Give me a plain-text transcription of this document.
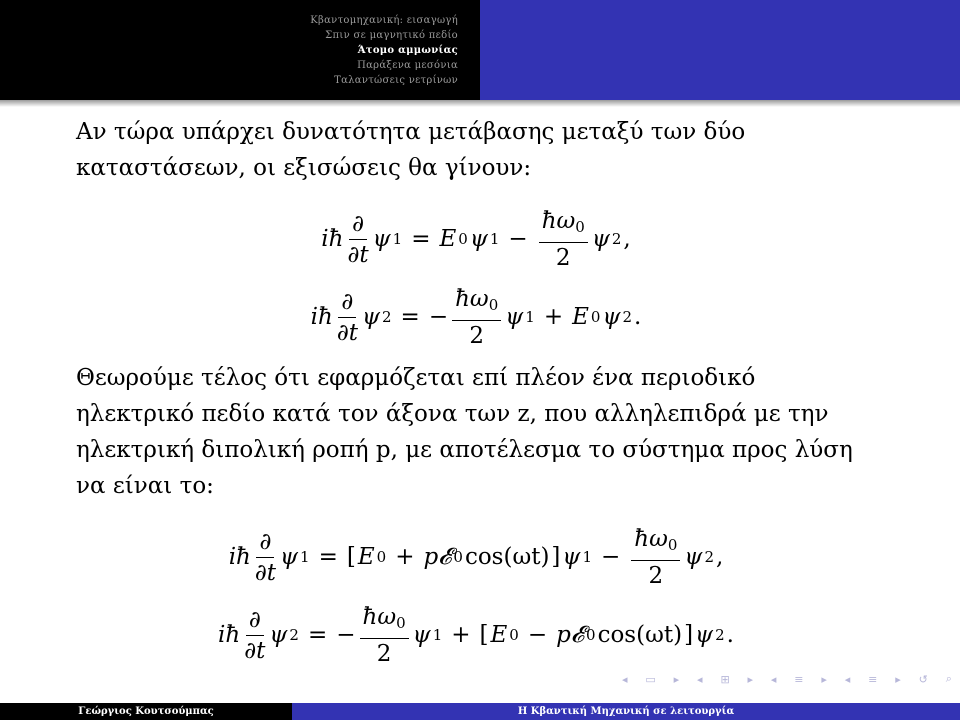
Κβαντομηχανική: εισαγωγή
Σπιν σε μαγνητικό πεδίο
Άτομο αμμωνίας
Παράξενα μεσόνια
Ταλαντώσεις νετρίνων

Αν τώρα υπάρχει δυνατότητα μετάβασης μεταξύ των δύο καταστάσεων, οι εξισώσεις θα γίνουν:

iħ $\frac{\partial}{\partial t}$ ψ 1 = E 0 ψ $1 - \frac{ħ\omega_0}{2}$ ψ 2 ,
iħ $\frac{\partial}{\partial t}$ ψ 2 = − $\frac{ħ\omega_0}{2}$ ψ 1 + E 0 ψ 2 .

Θεωρούμε τέλος ότι εφαρμόζεται επί πλέον ένα περιοδικό ηλεκτρικό πεδίο κατά τον άξονα των z, που αλληλεπιδρά με την ηλεκτρική διπολική ροπή p, με αποτέλεσμα το σύστημα προς λύση να είναι το:

iħ $\frac{\partial}{\partial t}$ ψ 1 = [ E 0 + p𝓔 0 cos(ωt) ] ψ $1 - \frac{ħ\omega_0}{2}$ ψ 2 ,
iħ $\frac{\partial}{\partial t}$ ψ 2 = − $\frac{ħ\omega_0}{2}$ ψ 1 + [ E 0 − p𝓔 0 cos(ωt) ] ψ 2 .
◂ ▭ ▸ ◂ ⊞ ▸ ◂ ≡ ▸ ◂ ≡ ▸ ↺ ⌕
Γεώργιος Κουτσούμπας	Η Κβαντική Μηχανική σε λειτουργία
